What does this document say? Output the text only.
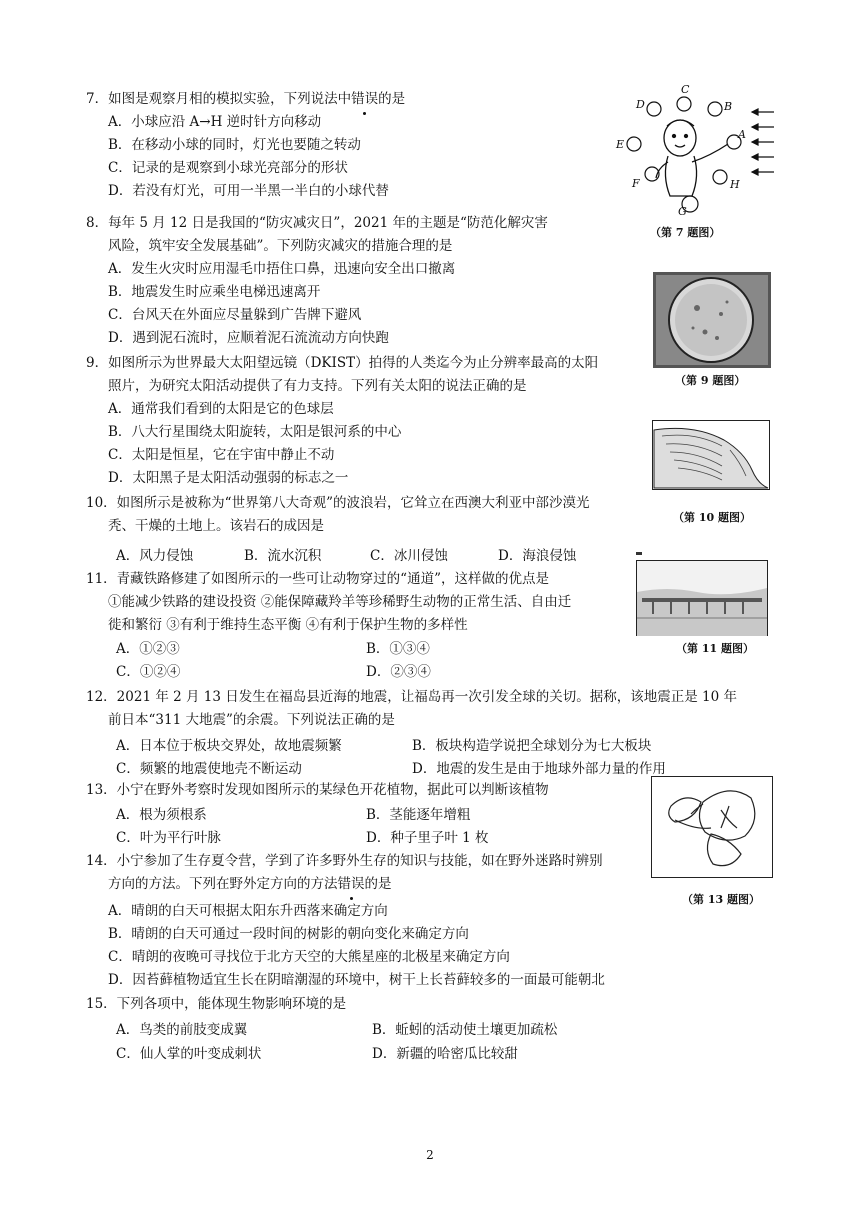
7．如图是观察月相的模拟实验，下列说法中错误的是
A．小球应沿 A→H 逆时针方向移动
B．在移动小球的同时，灯光也要随之转动
C．记录的是观察到小球光亮部分的形状
D．若没有灯光，可用一半黑一半白的小球代替
C
B
D
E
A
F	H
G
（第 7 题图）
8．每年 5 月 12 日是我国的“防灾减灾日”，2021 年的主题是“防范化解灾害
风险，筑牢安全发展基础”。下列防灾减灾的措施合理的是
A．发生火灾时应用湿毛巾捂住口鼻，迅速向安全出口撤离
B．地震发生时应乘坐电梯迅速离开
C．台风天在外面应尽量躲到广告牌下避风
D．遇到泥石流时，应顺着泥石流流动方向快跑
（第 9 题图）
9．如图所示为世界最大太阳望远镜（DKIST）拍得的人类迄今为止分辨率最高的太阳
照片，为研究太阳活动提供了有力支持。下列有关太阳的说法正确的是
A．通常我们看到的太阳是它的色球层
B．八大行星围绕太阳旋转，太阳是银河系的中心
C．太阳是恒星，它在宇宙中静止不动
D．太阳黑子是太阳活动强弱的标志之一
（第 10 题图）
10．如图所示是被称为“世界第八大奇观”的波浪岩，它耸立在西澳大利亚中部沙漠光
秃、干燥的土地上。该岩石的成因是
A．风力侵蚀	B．流水沉积	C．冰川侵蚀	D．海浪侵蚀
（第 11 题图）
11．青藏铁路修建了如图所示的一些可让动物穿过的“通道”，这样做的优点是
①能减少铁路的建设投资 ②能保障藏羚羊等珍稀野生动物的正常生活、自由迁
徙和繁衍 ③有利于维持生态平衡 ④有利于保护生物的多样性
A．①②③	B．①③④
C．①②④	D．②③④
12．2021 年 2 月 13 日发生在福岛县近海的地震，让福岛再一次引发全球的关切。据称，该地震正是 10 年
前日本“311 大地震”的余震。下列说法正确的是
A．日本位于板块交界处，故地震频繁	B．板块构造学说把全球划分为七大板块
C．频繁的地震使地壳不断运动	D．地震的发生是由于地球外部力量的作用
（第 13 题图）
13．小宁在野外考察时发现如图所示的某绿色开花植物，据此可以判断该植物
A．根为须根系	B．茎能逐年增粗
C．叶为平行叶脉	D．种子里子叶 1 枚
14．小宁参加了生存夏令营，学到了许多野外生存的知识与技能，如在野外迷路时辨别
方向的方法。下列在野外定方向的方法错误的是
A．晴朗的白天可根据太阳东升西落来确定方向
B．晴朗的白天可通过一段时间的树影的朝向变化来确定方向
C．晴朗的夜晚可寻找位于北方天空的大熊星座的北极星来确定方向
D．因苔藓植物适宜生长在阴暗潮湿的环境中，树干上长苔藓较多的一面最可能朝北
15．下列各项中，能体现生物影响环境的是
A．鸟类的前肢变成翼	B．蚯蚓的活动使土壤更加疏松
C．仙人掌的叶变成刺状	D．新疆的哈密瓜比较甜
2
